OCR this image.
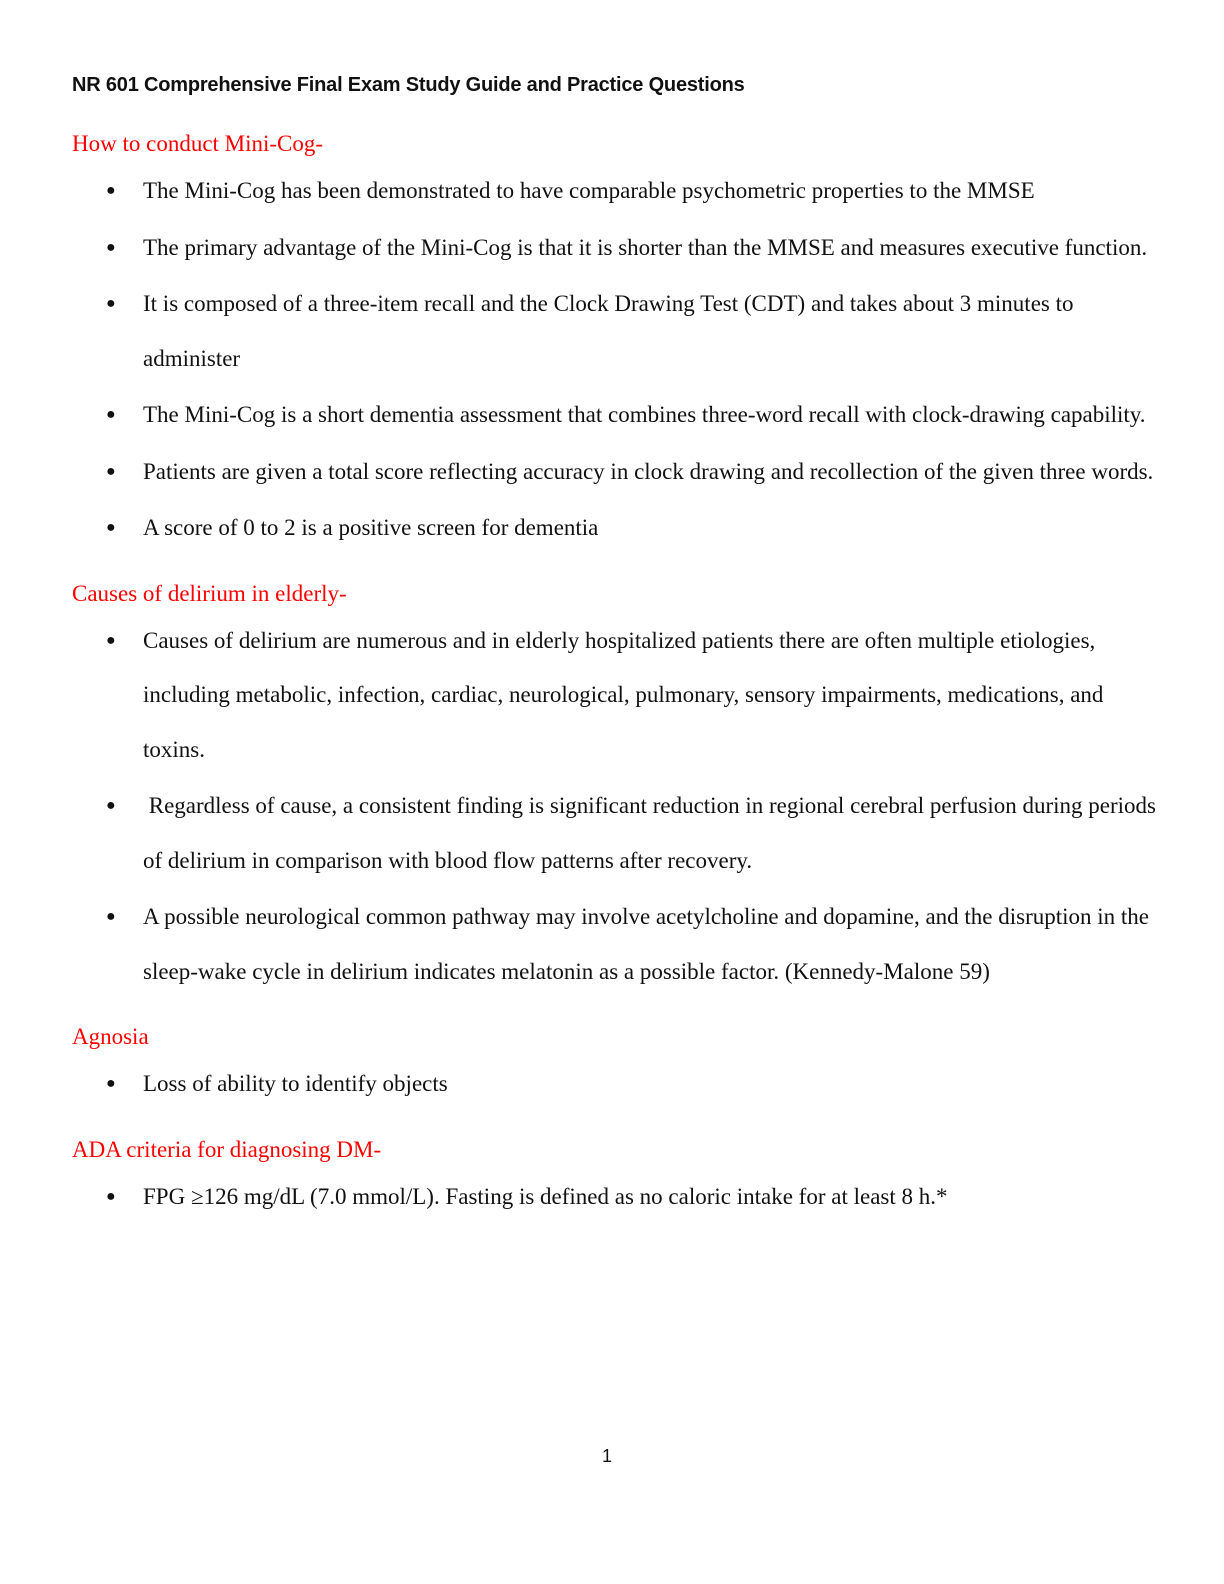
NR 601 Comprehensive Final Exam Study Guide and Practice Questions
How to conduct Mini-Cog-
● The Mini-Cog has been demonstrated to have comparable psychometric properties to the MMSE
● The primary advantage of the Mini-Cog is that it is shorter than the MMSE and measures executive function.
● It is composed of a three-item recall and the Clock Drawing Test (CDT) and takes about 3 minutes to administer
● The Mini-Cog is a short dementia assessment that combines three-word recall with clock-drawing capability.
● Patients are given a total score reflecting accuracy in clock drawing and recollection of the given three words.
● A score of 0 to 2 is a positive screen for dementia
Causes of delirium in elderly-
● Causes of delirium are numerous and in elderly hospitalized patients there are often multiple etiologies, including metabolic, infection, cardiac, neurological, pulmonary, sensory impairments, medications, and toxins.
● Regardless of cause, a consistent finding is significant reduction in regional cerebral perfusion during periods of delirium in comparison with blood flow patterns after recovery.
● A possible neurological common pathway may involve acetylcholine and dopamine, and the disruption in the sleep-wake cycle in delirium indicates melatonin as a possible factor. (Kennedy-Malone 59)
Agnosia
● Loss of ability to identify objects
ADA criteria for diagnosing DM-
● FPG ≥126 mg/dL (7.0 mmol/L). Fasting is defined as no caloric intake for at least 8 h.*
1
